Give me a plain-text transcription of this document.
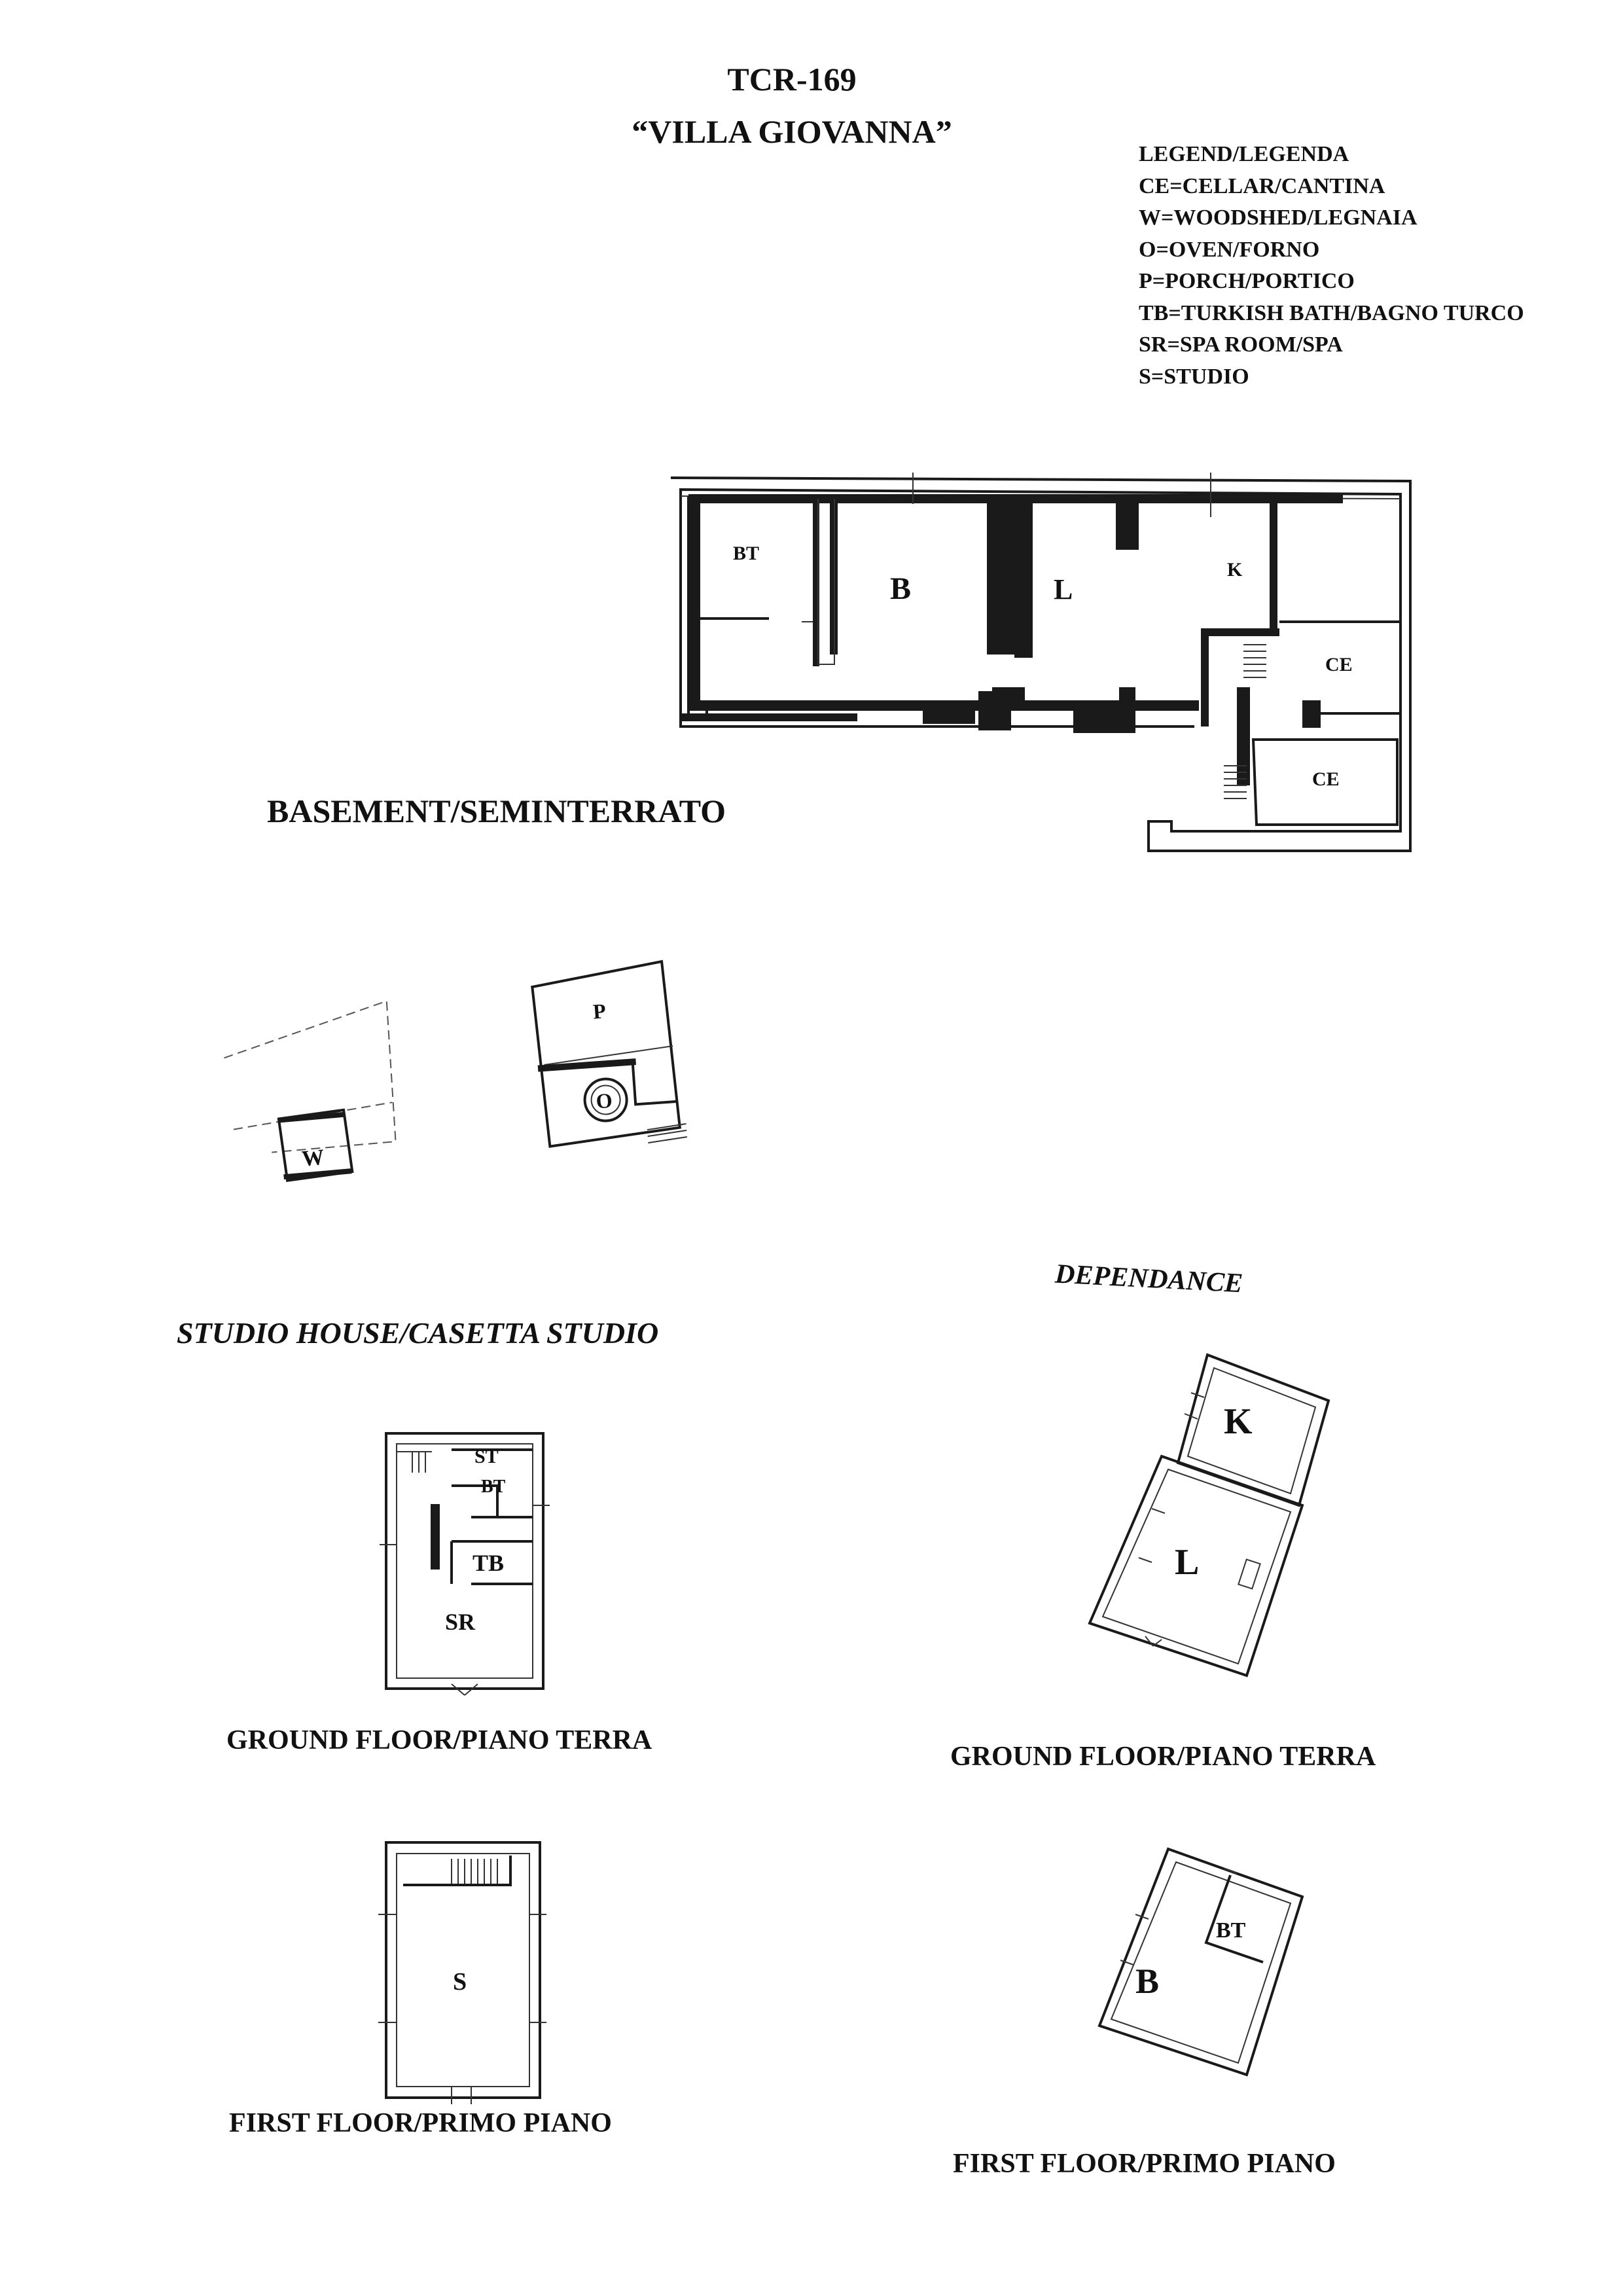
TCR-169
“VILLA GIOVANNA”
LEGEND/LEGENDA
CE=CELLAR/CANTINA
W=WOODSHED/LEGNAIA
O=OVEN/FORNO
P=PORCH/PORTICO
TB=TURKISH BATH/BAGNO TURCO
SR=SPA ROOM/SPA
S=STUDIO
BASEMENT/SEMINTERRATO
STUDIO HOUSE/CASETTA STUDIO
DEPENDANCE
GROUND FLOOR/PIANO TERRA
GROUND FLOOR/PIANO TERRA
FIRST FLOOR/PRIMO PIANO
FIRST FLOOR/PRIMO PIANO
BT
B	L
K
CE
CE
W
P
O
ST
BT
TB
SR
S
K
L
BT
B
